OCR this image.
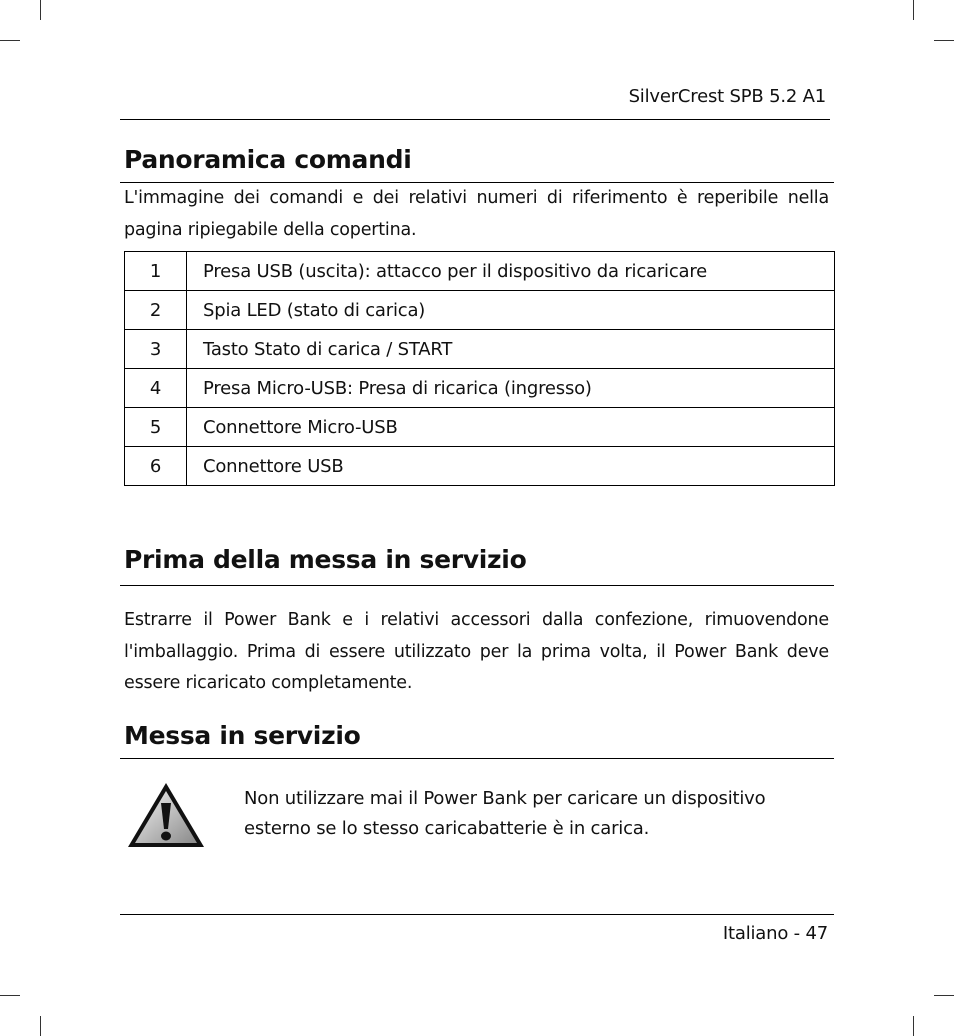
SilverCrest SPB 5.2 A1
Panoramica comandi
L'immagine dei comandi e dei relativi numeri di riferimento è reperibile nella
pagina ripiegabile della copertina.
1	Presa USB (uscita): attacco per il dispositivo da ricaricare
2	Spia LED (stato di carica)
3	Tasto Stato di carica / START
4	Presa Micro-USB: Presa di ricarica (ingresso)
5	Connettore Micro-USB
6	Connettore USB
Prima della messa in servizio
Estrarre il Power Bank e i relativi accessori dalla confezione, rimuovendone
l'imballaggio. Prima di essere utilizzato per la prima volta, il Power Bank deve
essere ricaricato completamente.
Messa in servizio
Non utilizzare mai il Power Bank per caricare un dispositivo
esterno se lo stesso caricabatterie è in carica.
Italiano - 47
